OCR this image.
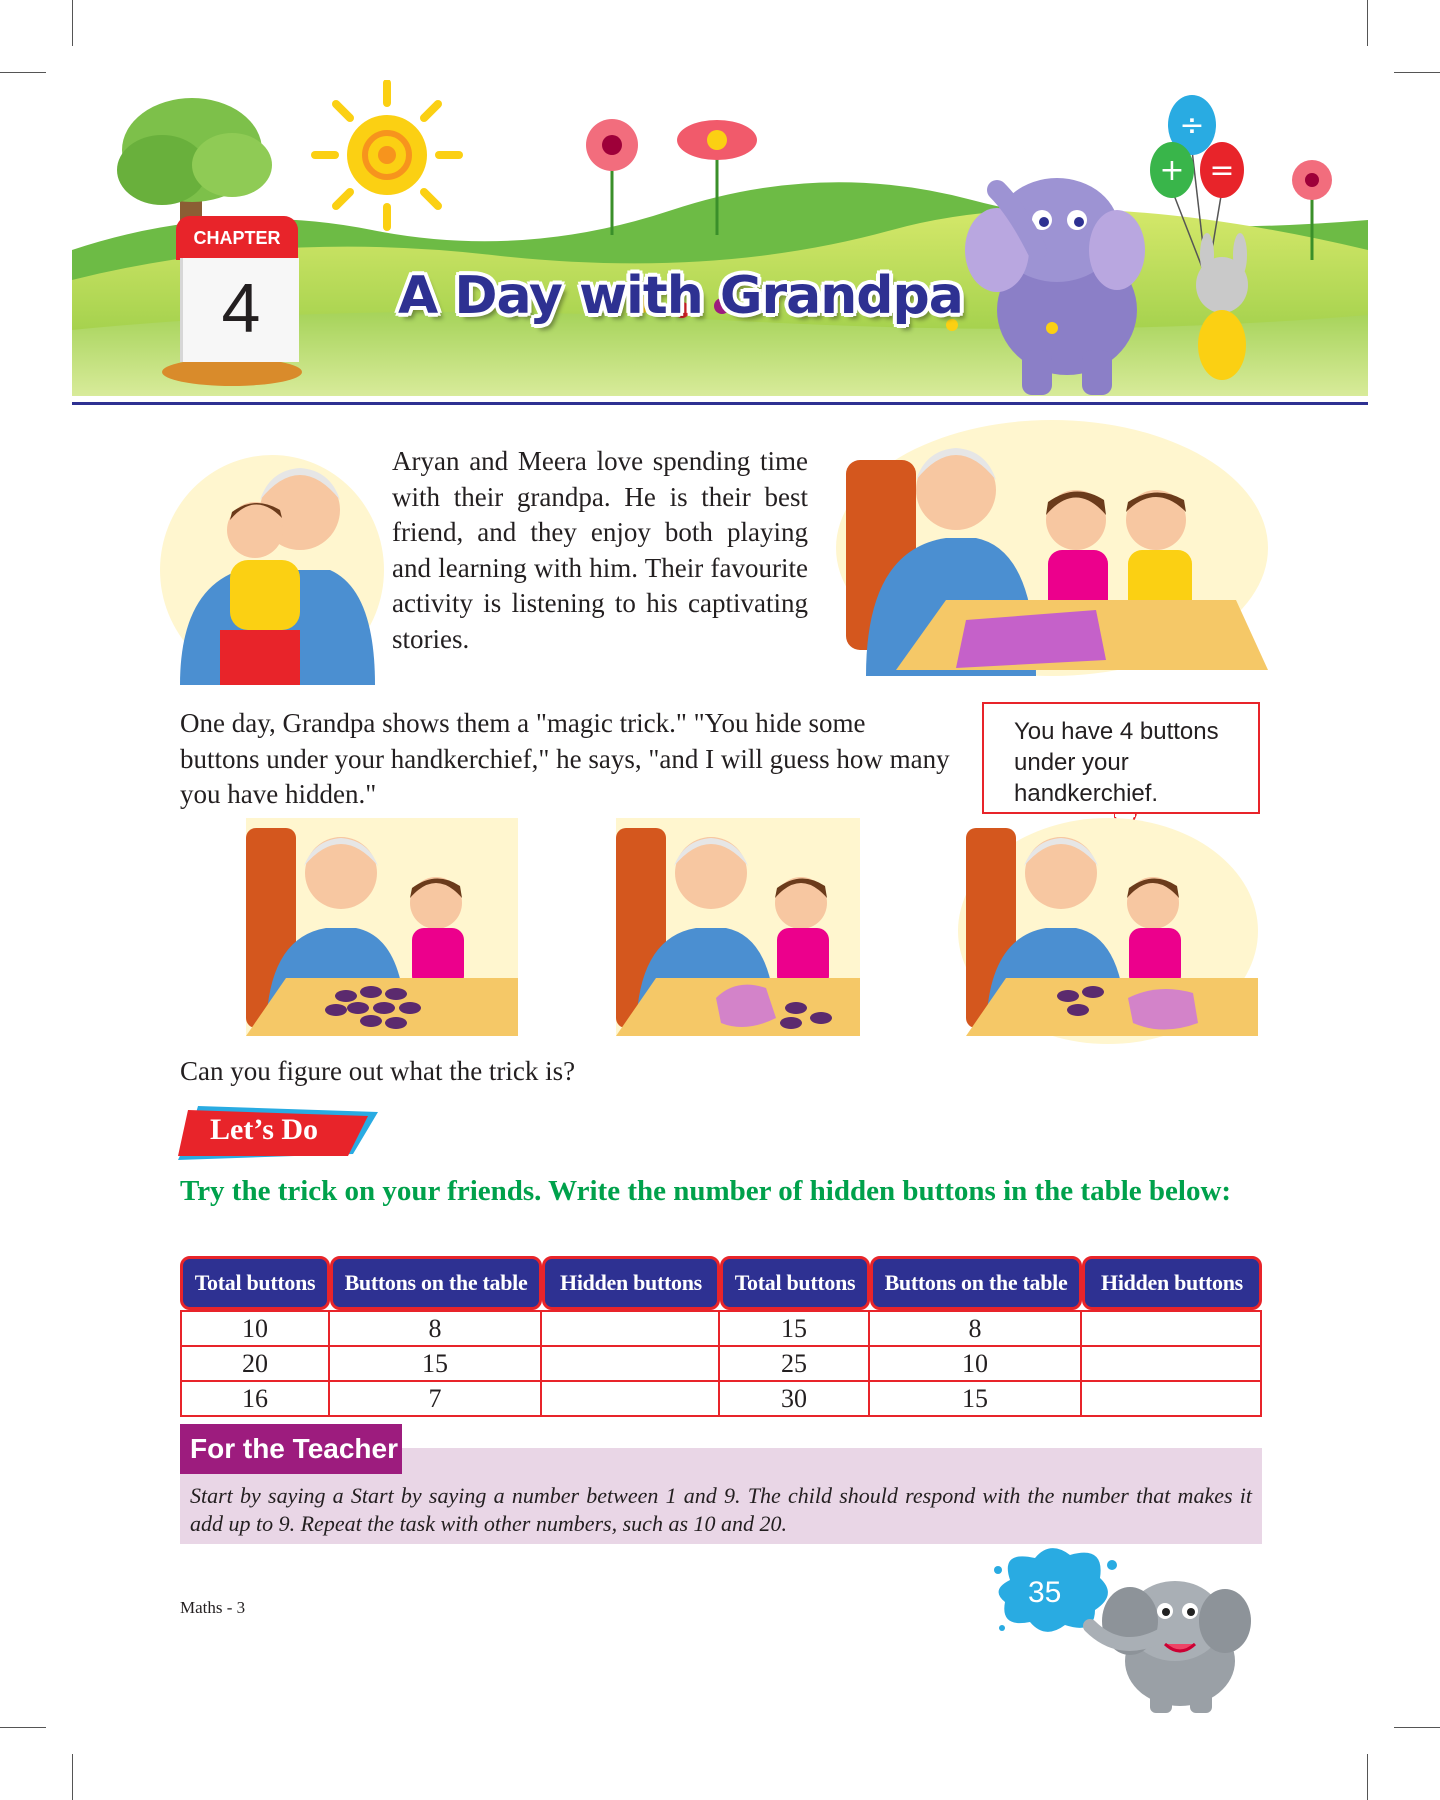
÷
+ =
CHAPTER
4	A Day with Grandpa
Aryan and Meera love spending time with their grandpa. He is their best friend, and they enjoy both playing and learning with him. Their favourite activity is listening to his captivating stories.
One day, Grandpa shows them a "magic trick." "You hide some buttons under your handkerchief," he says, "and I will guess how many you have hidden."
You have 4 buttons under your handkerchief.
Can you figure out what the trick is?
Let’s Do
Try the trick on your friends. Write the number of hidden buttons in the table below:
Total buttons	Buttons on the table	Hidden buttons	Total buttons	Buttons on the table	Hidden buttons
10	8		15	8	
20	15		25	10	
16	7		30	15	
For the Teacher
Start by saying a Start by saying a number between 1 and 9. The child should respond with the number that makes it add up to 9. Repeat the task with other numbers, such as 10 and 20.
Maths - 3	35
